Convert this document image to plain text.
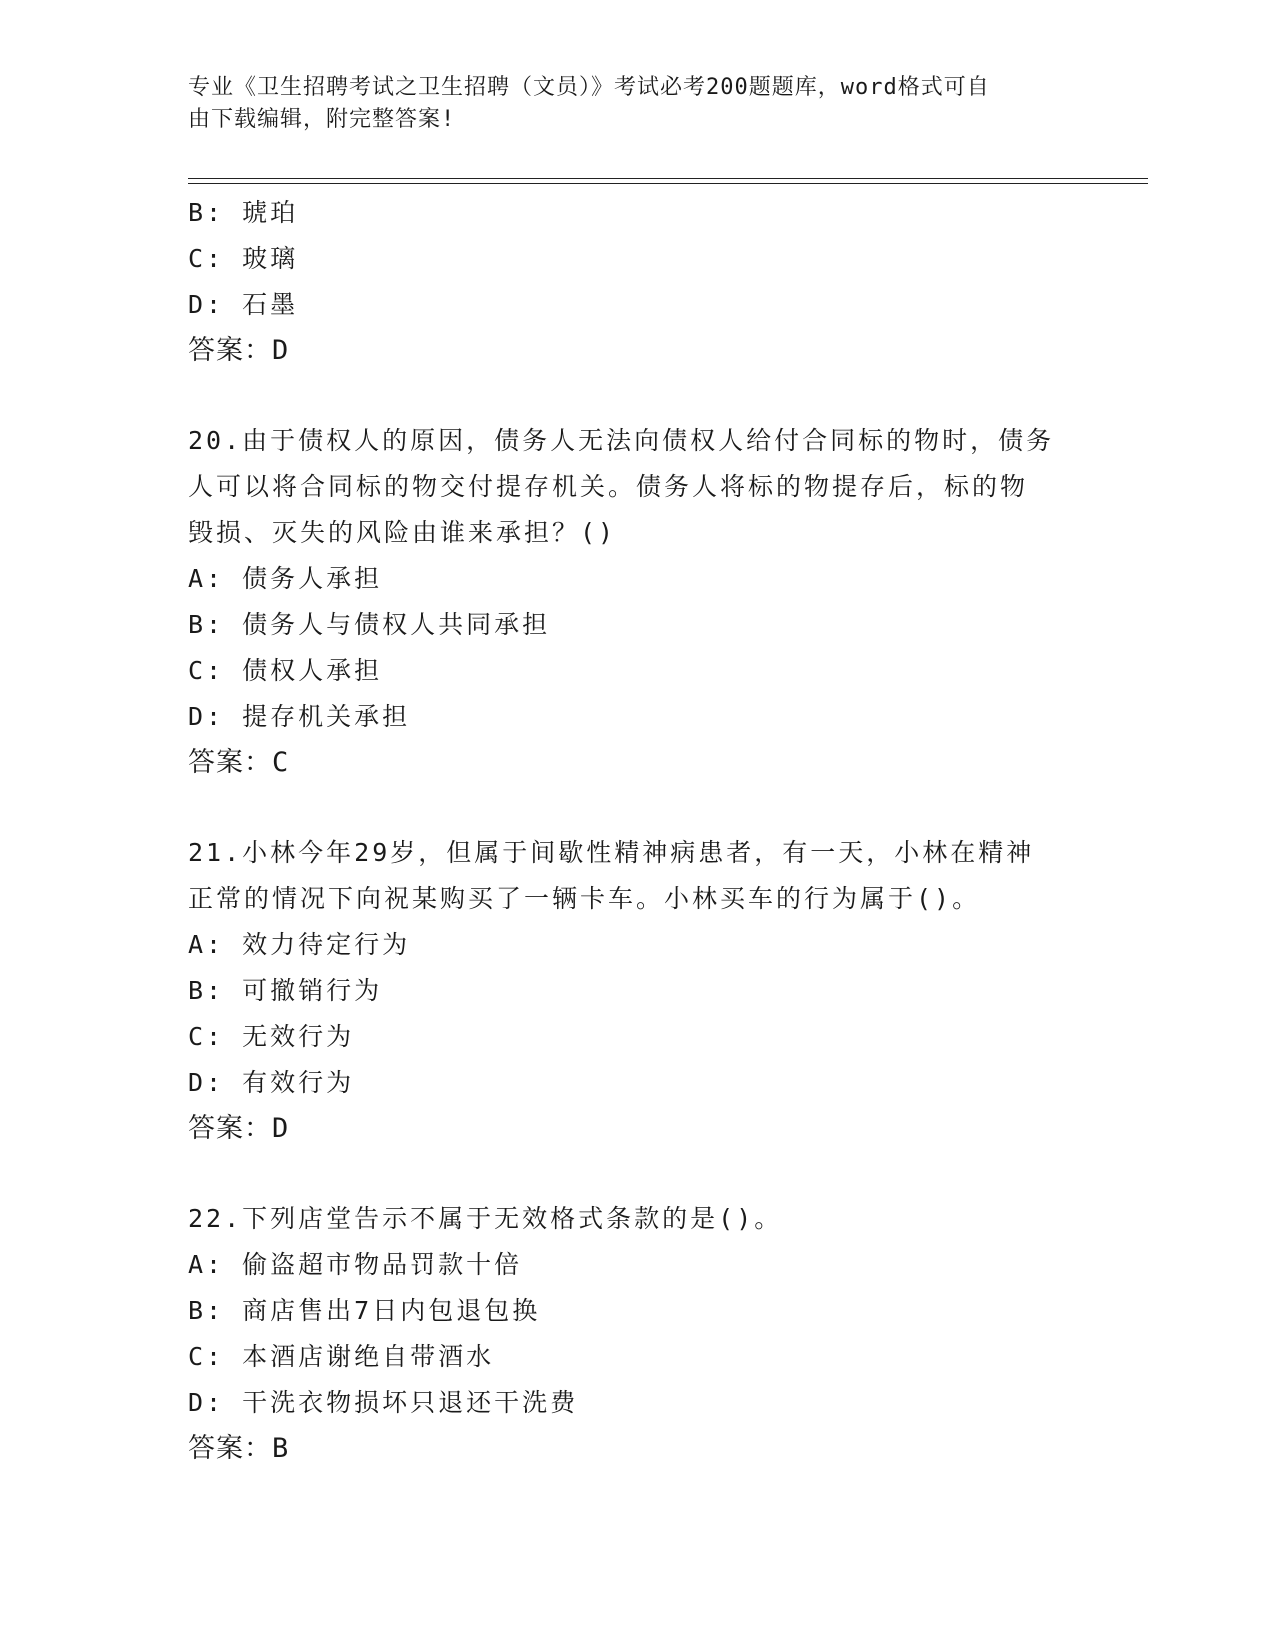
专业《卫生招聘考试之卫生招聘（文员）》考试必考200题题库，word格式可自
由下载编辑，附完整答案!
B: 琥珀
C: 玻璃
D: 石墨
答案：D
20.由于债权人的原因，债务人无法向债权人给付合同标的物时，债务
人可以将合同标的物交付提存机关。债务人将标的物提存后，标的物
毁损、灭失的风险由谁来承担？()
A: 债务人承担
B: 债务人与债权人共同承担
C: 债权人承担
D: 提存机关承担
答案：C
21.小林今年29岁，但属于间歇性精神病患者，有一天，小林在精神
正常的情况下向祝某购买了一辆卡车。小林买车的行为属于()。
A: 效力待定行为
B: 可撤销行为
C: 无效行为
D: 有效行为
答案：D
22.下列店堂告示不属于无效格式条款的是()。
A: 偷盗超市物品罚款十倍
B: 商店售出7日内包退包换
C: 本酒店谢绝自带酒水
D: 干洗衣物损坏只退还干洗费
答案：B
